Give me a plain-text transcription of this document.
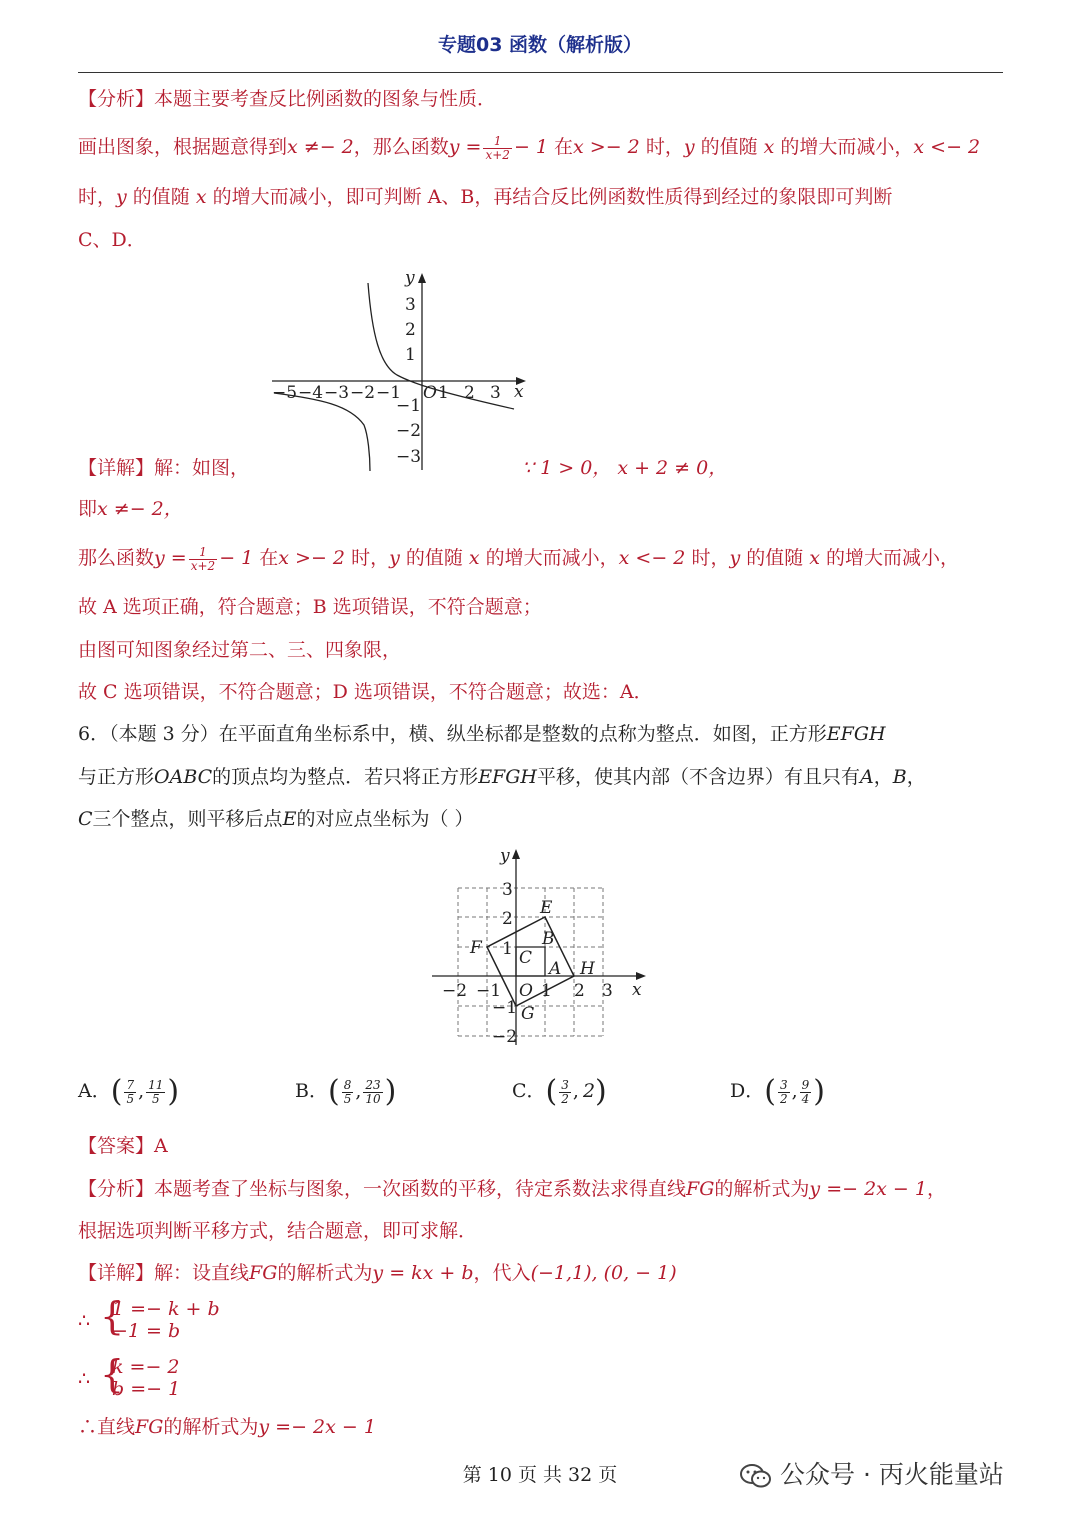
专题03 函数（解析版）
【分析】本题主要考查反比例函数的图象与性质．
画出图象，根据题意得到x ≠− 2，那么函数$y = \frac{1}{x+2} - 1$ 在x >− 2 时，y 的值随 x 的增大而减小，x <− 2
时，y 的值随 x 的增大而减小，即可判断 A、B，再结合反比例函数性质得到经过的象限即可判断
C、D．
−5 −4 −3 −2 −1 1 2 3
O	x
y
3
2
1
−1
−2
−3
【详解】解：如图，	∵ 1 > 0， x + 2 ≠ 0，
即x ≠− 2，
那么函数$y = \frac{1}{x+2} - 1$ 在x >− 2 时，y 的值随 x 的增大而减小，x <− 2 时，y 的值随 x 的增大而减小，
故 A 选项正确，符合题意；B 选项错误，不符合题意；
由图可知图象经过第二、三、四象限，
故 C 选项错误，不符合题意；D 选项错误，不符合题意；故选：A．
6．（本题 3 分）在平面直角坐标系中，横、纵坐标都是整数的点称为整点．如图，正方形EFGH
与正方形OABC的顶点均为整点．若只将正方形EFGH平移，使其内部（不含边界）有且只有A，B，
C三个整点，则平移后点E的对应点坐标为（ ）
−2 −1 1 2 3
O	x
y
3
2
1
−1
−2
E
F
G
H
A
B
C
A．( $\frac{7}{5}$ , $\frac{11}{5}$ )	B．( $\frac{8}{5}$ , $\frac{23}{10}$ )	C．( $\frac{3}{2}$ , 2)	D．( $\frac{3}{2}$ , $\frac{9}{4}$ )
【答案】A
【分析】本题考查了坐标与图象，一次函数的平移，待定系数法求得直线FG的解析式为y =− 2x − 1，
根据选项判断平移方式，结合题意，即可求解．
【详解】解：设直线FG的解析式为y = kx + b，代入(−1,1), (0, − 1)
∴ {
1 =− k + b
−1 = b
∴ {
k =− 2
b =− 1
∴直线FG的解析式为y =− 2x − 1
第 10 页 共 32 页	公众号 · 丙火能量站
